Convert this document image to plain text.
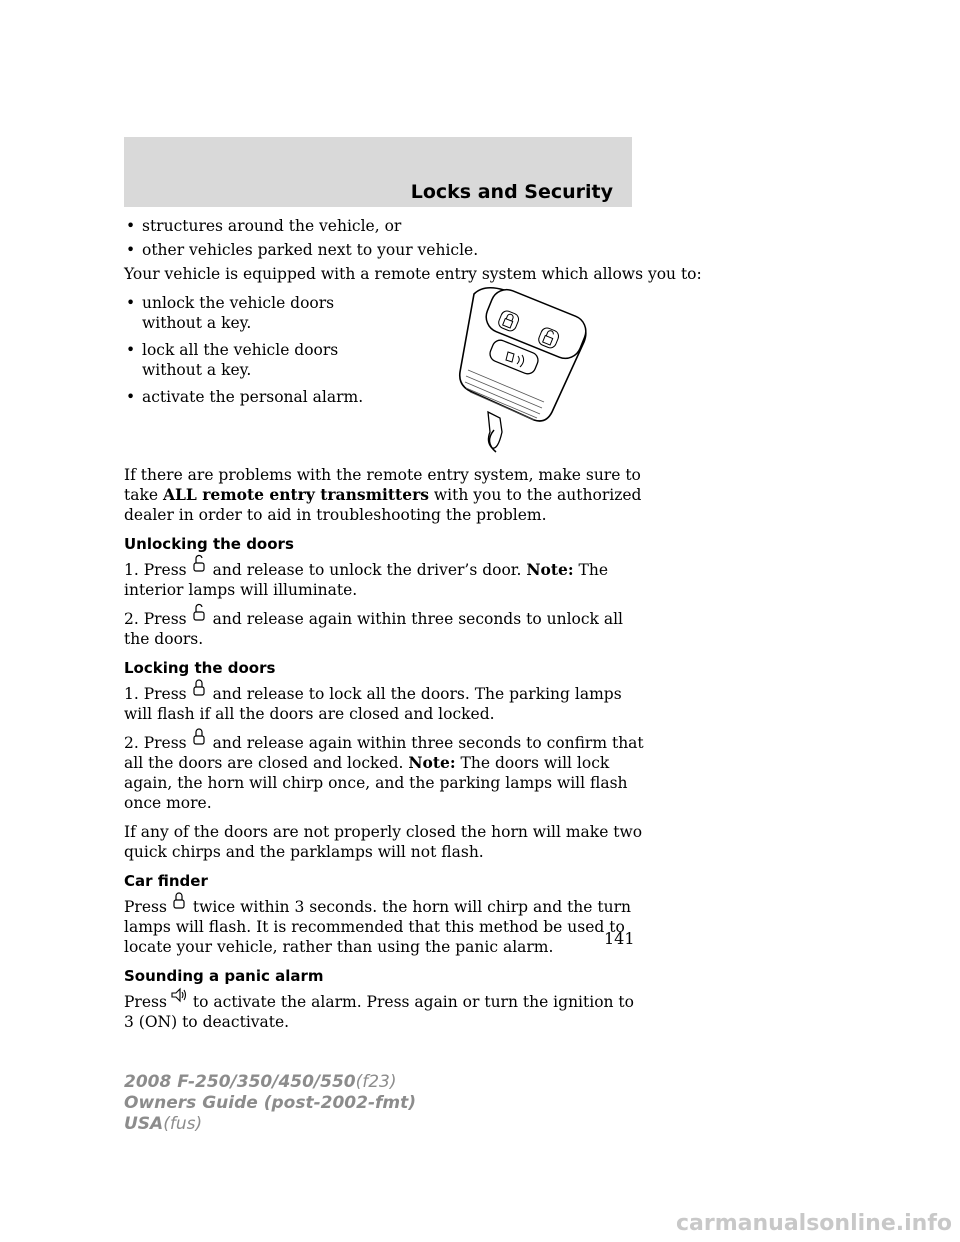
Locks and Security
• structures around the vehicle, or
• other vehicles parked next to your vehicle.

Your vehicle is equipped with a remote entry system which allows you to:

• unlock the vehicle doors without a key.
• lock all the vehicle doors without a key.
• activate the personal alarm.

If there are problems with the remote entry system, make sure to take ALL remote entry transmitters with you to the authorized dealer in order to aid in troubleshooting the problem.

Unlocking the doors

1. Press and release to unlock the driver’s door. Note: The interior lamps will illuminate.

2. Press and release again within three seconds to unlock all the doors.

Locking the doors

1. Press and release to lock all the doors. The parking lamps will flash if all the doors are closed and locked.

2. Press and release again within three seconds to confirm that all the doors are closed and locked. Note: The doors will lock again, the horn will chirp once, and the parking lamps will flash once more.

If any of the doors are not properly closed the horn will make two quick chirps and the parklamps will not flash.

Car finder

Press twice within 3 seconds. the horn will chirp and the turn lamps will flash. It is recommended that this method be used to locate your vehicle, rather than using the panic alarm.

Sounding a panic alarm

Press to activate the alarm. Press again or turn the ignition to 3 (ON) to deactivate.

141
2008 F-250/350/450/550(f23)
Owners Guide (post-2002-fmt)
USA(fus)
carmanualsonline.info
